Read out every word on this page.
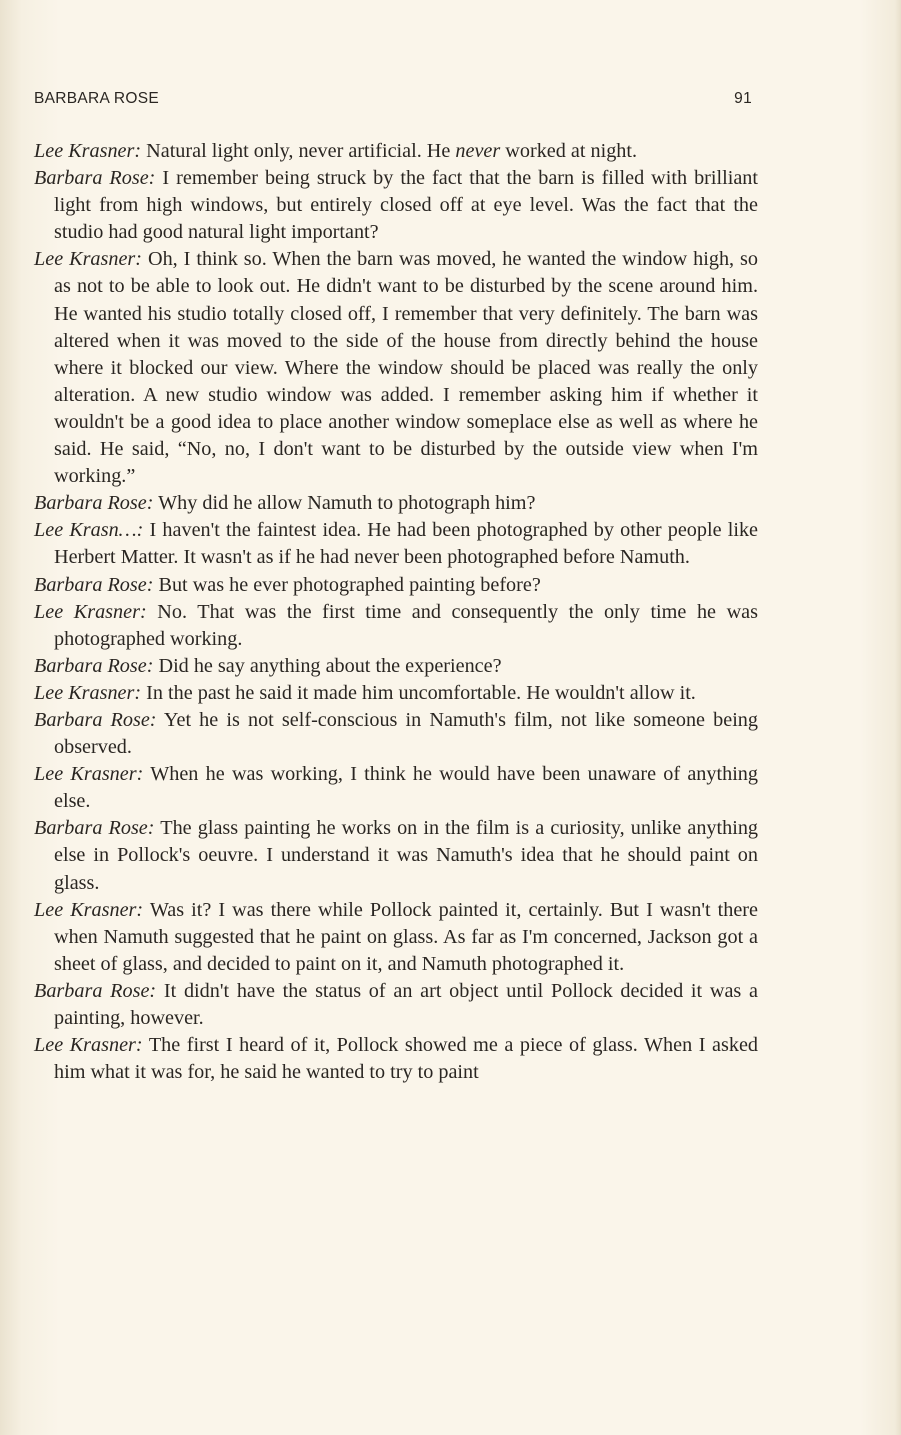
BARBARA ROSE	91

Lee Krasner: Natural light only, never artificial. He never worked at night.

Barbara Rose: I remember being struck by the fact that the barn is filled with brilliant light from high windows, but entirely closed off at eye level. Was the fact that the studio had good natural light important?

Lee Krasner: Oh, I think so. When the barn was moved, he wanted the window high, so as not to be able to look out. He didn't want to be disturbed by the scene around him. He wanted his studio totally closed off, I remember that very definitely. The barn was altered when it was moved to the side of the house from directly behind the house where it blocked our view. Where the window should be placed was really the only alteration. A new studio window was added. I remember asking him if whether it wouldn't be a good idea to place another window someplace else as well as where he said. He said, “No, no, I don't want to be disturbed by the outside view when I'm working.”

Barbara Rose: Why did he allow Namuth to photograph him?

Lee Krasn…: I haven't the faintest idea. He had been photographed by other people like Herbert Matter. It wasn't as if he had never been photographed before Namuth.

Barbara Rose: But was he ever photographed painting before?

Lee Krasner: No. That was the first time and consequently the only time he was photographed working.

Barbara Rose: Did he say anything about the experience?

Lee Krasner: In the past he said it made him uncomfortable. He wouldn't allow it.

Barbara Rose: Yet he is not self-conscious in Namuth's film, not like someone being observed.

Lee Krasner: When he was working, I think he would have been unaware of anything else.

Barbara Rose: The glass painting he works on in the film is a curiosity, unlike anything else in Pollock's oeuvre. I understand it was Namuth's idea that he should paint on glass.

Lee Krasner: Was it? I was there while Pollock painted it, certainly. But I wasn't there when Namuth suggested that he paint on glass. As far as I'm concerned, Jackson got a sheet of glass, and decided to paint on it, and Namuth photographed it.

Barbara Rose: It didn't have the status of an art object until Pollock decided it was a painting, however.

Lee Krasner: The first I heard of it, Pollock showed me a piece of glass. When I asked him what it was for, he said he wanted to try to paint
